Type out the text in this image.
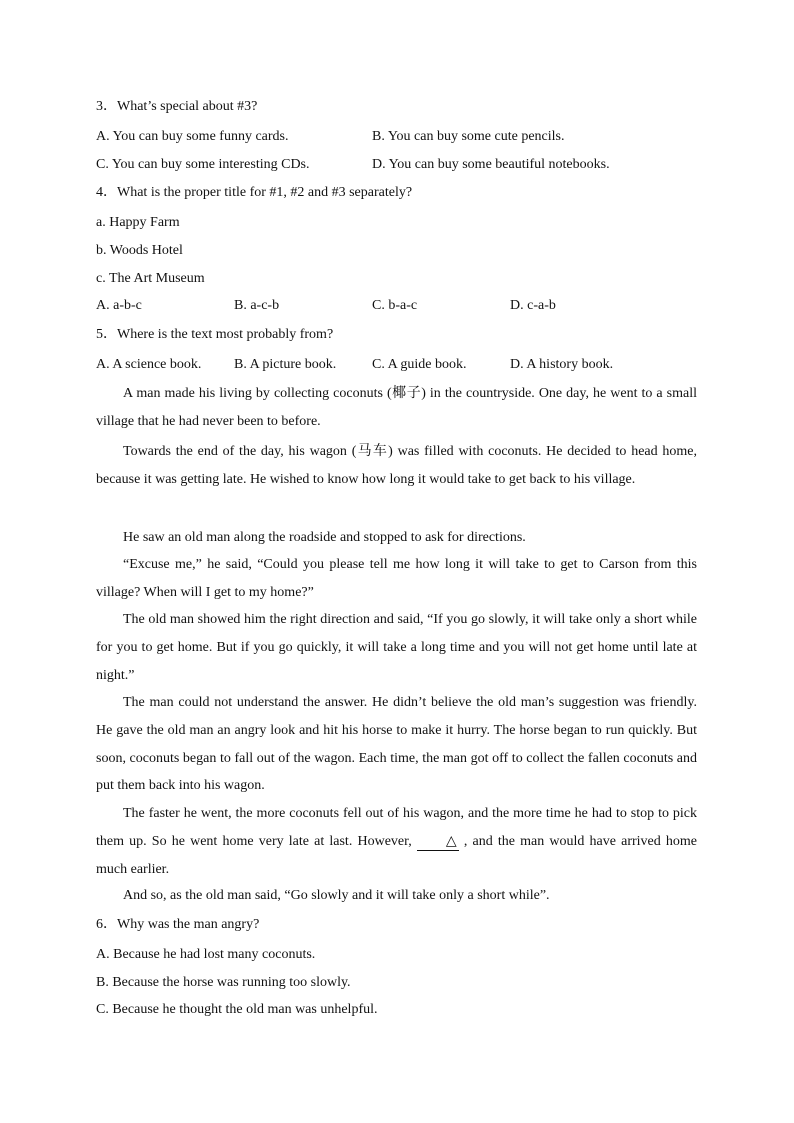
3．What’s special about #3?
A. You can buy some funny cards.	B. You can buy some cute pencils.
C. You can buy some interesting CDs.	D. You can buy some beautiful notebooks.
4．What is the proper title for #1, #2 and #3 separately?
a. Happy Farm
b. Woods Hotel
c. The Art Museum
A. a-b-c	B. a-c-b	C. b-a-c	D. c-a-b
5．Where is the text most probably from?
A. A science book. B. A picture book.	C. A guide book.	D. A history book.
A man made his living by collecting coconuts (椰子) in the countryside. One day, he went to a small village that he had never been to before.
Towards the end of the day, his wagon (马车) was filled with coconuts. He decided to head home, because it was getting late. He wished to know how long it would take to get back to his village.
He saw an old man along the roadside and stopped to ask for directions.
“Excuse me,” he said, “Could you please tell me how long it will take to get to Carson from this village? When will I get to my home?”
The old man showed him the right direction and said, “If you go slowly, it will take only a short while for you to get home. But if you go quickly, it will take a long time and you will not get home until late at night.”
The man could not understand the answer. He didn’t believe the old man’s suggestion was friendly. He gave the old man an angry look and hit his horse to make it hurry. The horse began to run quickly. But soon, coconuts began to fall out of the wagon. Each time, the man got off to collect the fallen coconuts and put them back into his wagon.
The faster he went, the more coconuts fell out of his wagon, and the more time he had to stop to pick them up. So he went home very late at last. However, △ , and the man would have arrived home much earlier.
And so, as the old man said, “Go slowly and it will take only a short while”.
6．Why was the man angry?
A. Because he had lost many coconuts.
B. Because the horse was running too slowly.
C. Because he thought the old man was unhelpful.
